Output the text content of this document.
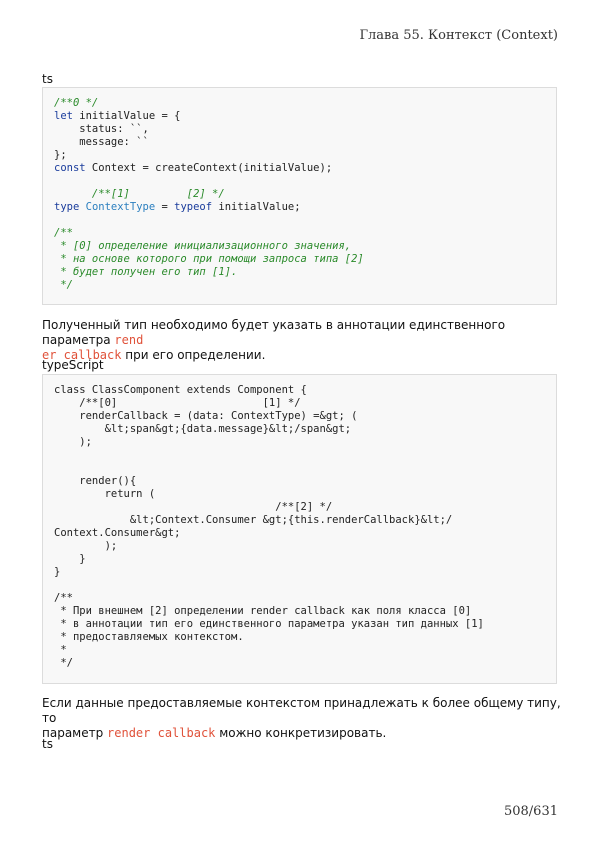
Глава 55. Контекст (Context)
ts
/**0 */
let initialValue = {
status: ``,
message: ``
};
const Context = createContext(initialValue);
/**[1]         [2] */
type ContextType = typeof initialValue;
/**
* [0] определение инициализационного значения,
* на основе которого при помощи запроса типа [2]
* будет получен его тип [1].
*/
Полученный тип необходимо будет указать в аннотации единственного параметра rend
er callback при его определении.
typeScript
class ClassComponent extends Component {
/**[0]                       [1] */
renderCallback = (data: ContextType) =&gt; (
&lt;span&gt;{data.message}&lt;/span&gt;
);
render(){
return (
/**[2] */
&lt;Context.Consumer &gt;{this.renderCallback}&lt;/
Context.Consumer&gt;
);
}
}
/**
* При внешнем [2] определении render callback как поля класса [0]
* в аннотации тип его единственного параметра указан тип данных [1]
* предоставляемых контекстом.
*
*/
Если данные предоставляемые контекстом принадлежать к более общему типу, то
параметр render callback можно конкретизировать.
ts
508/631
